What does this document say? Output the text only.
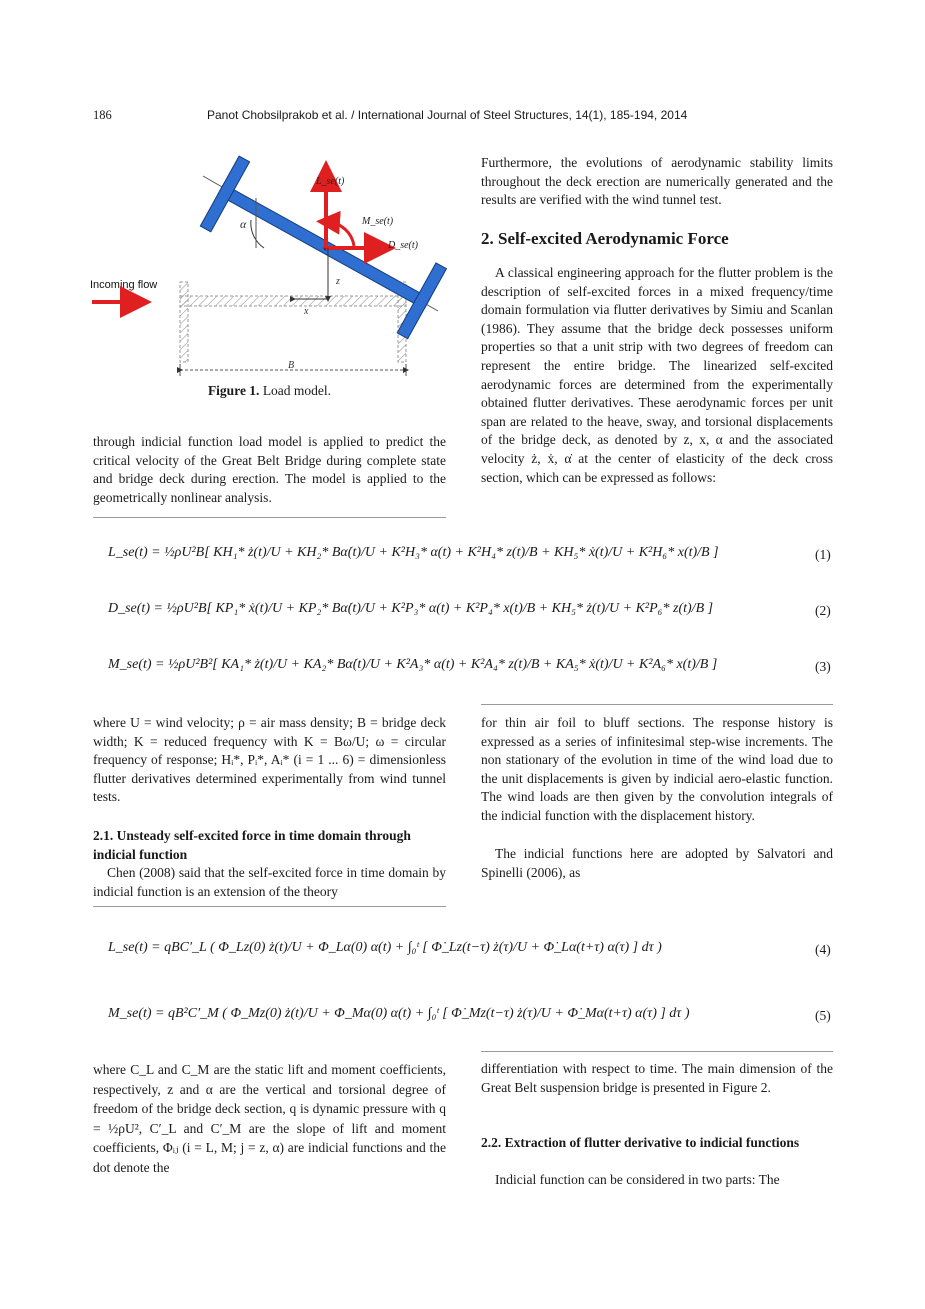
186	Panot Chobsilprakob et al. / International Journal of Steel Structures, 14(1), 185-194, 2014
α
L_se(t)
D_se(t)
M_se(t)
z
x
Incoming flow
B
Figure 1. Load model.
through indicial function load model is applied to predict the critical velocity of the Great Belt Bridge during complete state and bridge deck during erection. The model is applied to the geometrically nonlinear analysis.
Furthermore, the evolutions of aerodynamic stability limits throughout the deck erection are numerically generated and the results are verified with the wind tunnel test.
2. Self-excited Aerodynamic Force
A classical engineering approach for the flutter problem is the description of self-excited forces in a mixed frequency/time domain formulation via flutter derivatives by Simiu and Scanlan (1986). They assume that the bridge deck possesses uniform properties so that a unit strip with two degrees of freedom can represent the entire bridge. The linearized self-excited aerodynamic forces are determined from the experimentally obtained flutter derivatives. These aerodynamic forces per unit span are related to the heave, sway, and torsional displacements of the bridge deck, as denoted by z, x, α and the associated velocity ż, ẋ, α̇ at the center of elasticity of the deck cross section, which can be expressed as follows:
L_se(t) = ½ρU²B[ KH₁* ż(t)/U + KH₂* Bα̇(t)/U + K²H₃* α(t) + K²H₄* z(t)/B + KH₅* ẋ(t)/U + K²H₆* x(t)/B ]	(1)
D_se(t) = ½ρU²B[ KP₁* ẋ(t)/U + KP₂* Bα̇(t)/U + K²P₃* α(t) + K²P₄* x(t)/B + KH₅* ż(t)/U + K²P₆* z(t)/B ]	(2)
M_se(t) = ½ρU²B²[ KA₁* ż(t)/U + KA₂* Bα̇(t)/U + K²A₃* α(t) + K²A₄* z(t)/B + KA₅* ẋ(t)/U + K²A₆* x(t)/B ]	(3)
where U = wind velocity; ρ = air mass density; B = bridge deck width; K = reduced frequency with K = Bω/U; ω = circular frequency of response; Hᵢ*, Pᵢ*, Aᵢ* (i = 1 ... 6) = dimensionless flutter derivatives determined experimentally from wind tunnel tests.
2.1. Unsteady self-excited force in time domain through indicial function
Chen (2008) said that the self-excited force in time domain by indicial function is an extension of the theory
for thin air foil to bluff sections. The response history is expressed as a series of infinitesimal step-wise increments. The non stationary of the evolution in time of the wind load due to the unit displacements is given by indicial aero-elastic function. The wind loads are then given by the convolution integrals of the indicial function with the displacement history.
The indicial functions here are adopted by Salvatori and Spinelli (2006), as
L_se(t) = qBC′_L ( Φ_Lz(0) ż(t)/U + Φ_Lα(0) α(t) + ∫₀ᵗ [ Φ̇_Lz(t−τ) ż(τ)/U + Φ̇_Lα(t+τ) α(τ) ] dτ )	(4)
M_se(t) = qB²C′_M ( Φ_Mz(0) ż(t)/U + Φ_Mα(0) α(t) + ∫₀ᵗ [ Φ̇_Mz(t−τ) ż(τ)/U + Φ̇_Mα(t+τ) α(τ) ] dτ )	(5)
where C_L and C_M are the static lift and moment coefficients, respectively, z and α are the vertical and torsional degree of freedom of the bridge deck section, q is dynamic pressure with q = ½ρU², C′_L and C′_M are the slope of lift and moment coefficients, Φᵢⱼ (i = L, M; j = z, α) are indicial functions and the dot denote the
differentiation with respect to time. The main dimension of the Great Belt suspension bridge is presented in Figure 2.
2.2. Extraction of flutter derivative to indicial functions
Indicial function can be considered in two parts: The
